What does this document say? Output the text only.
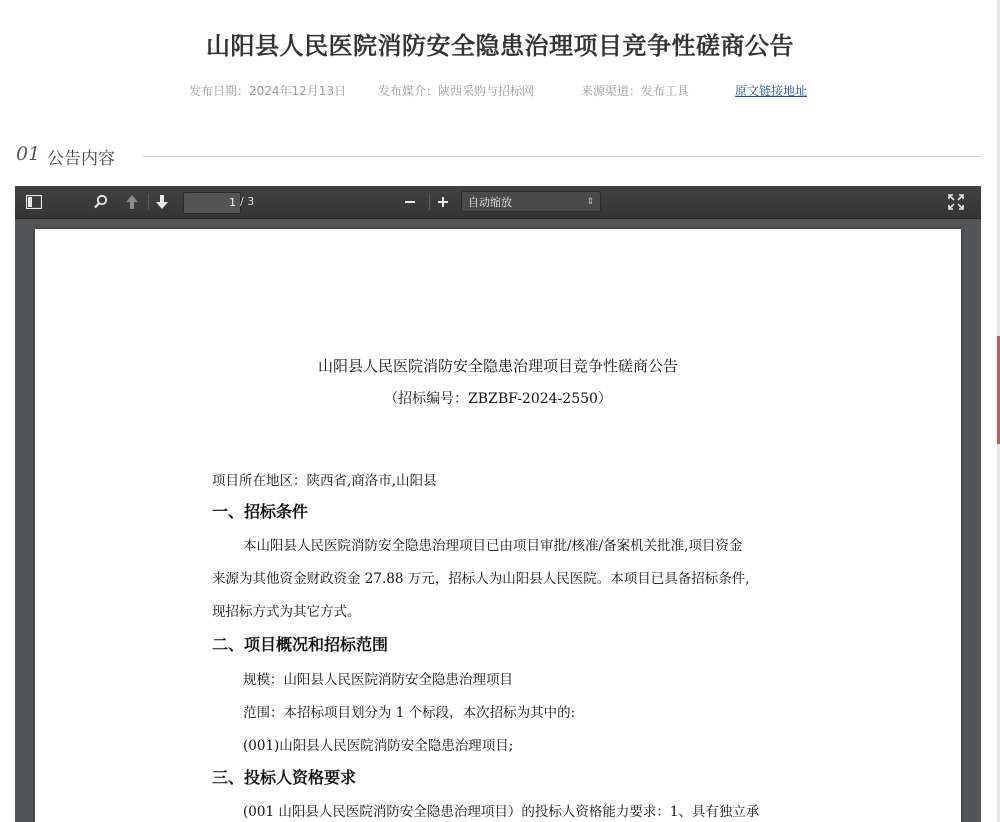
山阳县人民医院消防安全隐患治理项目竞争性磋商公告
发布日期：2024年12月13日	发布媒介：陕西采购与招标网	来源渠道：发布工具	原文链接地址
01 公告内容
1
/ 3	自动缩放	⇕
山阳县人民医院消防安全隐患治理项目竞争性磋商公告
（招标编号：ZBZBF-2024-2550）
项目所在地区：陕西省,商洛市,山阳县
一、招标条件
本山阳县人民医院消防安全隐患治理项目已由项目审批/核准/备案机关批准,项目资金
来源为其他资金财政资金 27.88 万元，招标人为山阳县人民医院。本项目已具备招标条件,
现招标方式为其它方式。
二、项目概况和招标范围
规模：山阳县人民医院消防安全隐患治理项目
范围：本招标项目划分为 1 个标段，本次招标为其中的:
(001)山阳县人民医院消防安全隐患治理项目;
三、投标人资格要求
(001 山阳县人民医院消防安全隐患治理项目）的投标人资格能力要求：1、具有独立承
